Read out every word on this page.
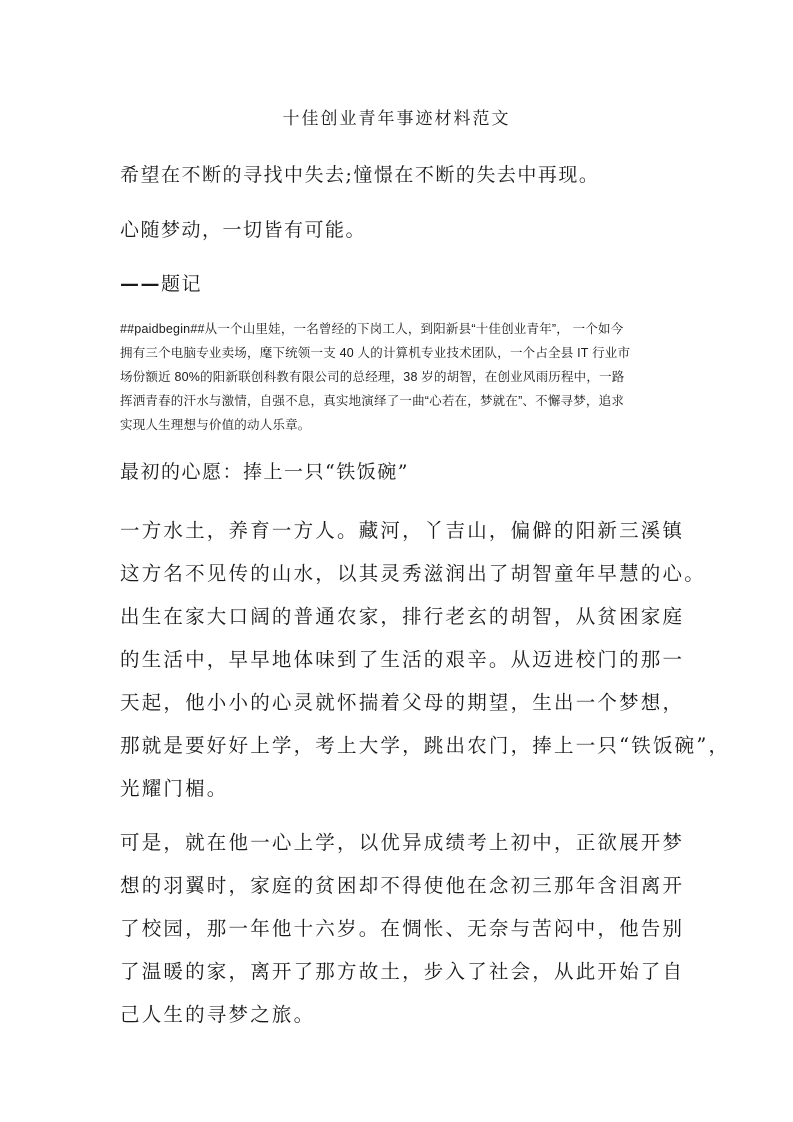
十佳创业青年事迹材料范文
希望在不断的寻找中失去;憧憬在不断的失去中再现。
心随梦动，一切皆有可能。
——题记
##paidbegin##从一个山里娃，一名曾经的下岗工人，到阳新县“十佳创业青年”， 一个如今
拥有三个电脑专业卖场，麾下统领一支 40 人的计算机专业技术团队，一个占全县 IT 行业市
场份额近 80%的阳新联创科教有限公司的总经理，38 岁的胡智，在创业风雨历程中，一路
挥洒青春的汗水与激情，自强不息，真实地演绎了一曲“心若在，梦就在”、不懈寻梦，追求
实现人生理想与价值的动人乐章。
最初的心愿：捧上一只“铁饭碗”
一方水土，养育一方人。藏河，丫吉山，偏僻的阳新三溪镇
这方名不见传的山水，以其灵秀滋润出了胡智童年早慧的心。
出生在家大口阔的普通农家，排行老玄的胡智，从贫困家庭
的生活中，早早地体味到了生活的艰辛。从迈进校门的那一
天起，他小小的心灵就怀揣着父母的期望，生出一个梦想，
那就是要好好上学，考上大学，跳出农门，捧上一只“铁饭碗”，
光耀门楣。
可是，就在他一心上学，以优异成绩考上初中，正欲展开梦
想的羽翼时，家庭的贫困却不得使他在念初三那年含泪离开
了校园，那一年他十六岁。在惆怅、无奈与苦闷中，他告别
了温暖的家，离开了那方故土，步入了社会，从此开始了自
己人生的寻梦之旅。
